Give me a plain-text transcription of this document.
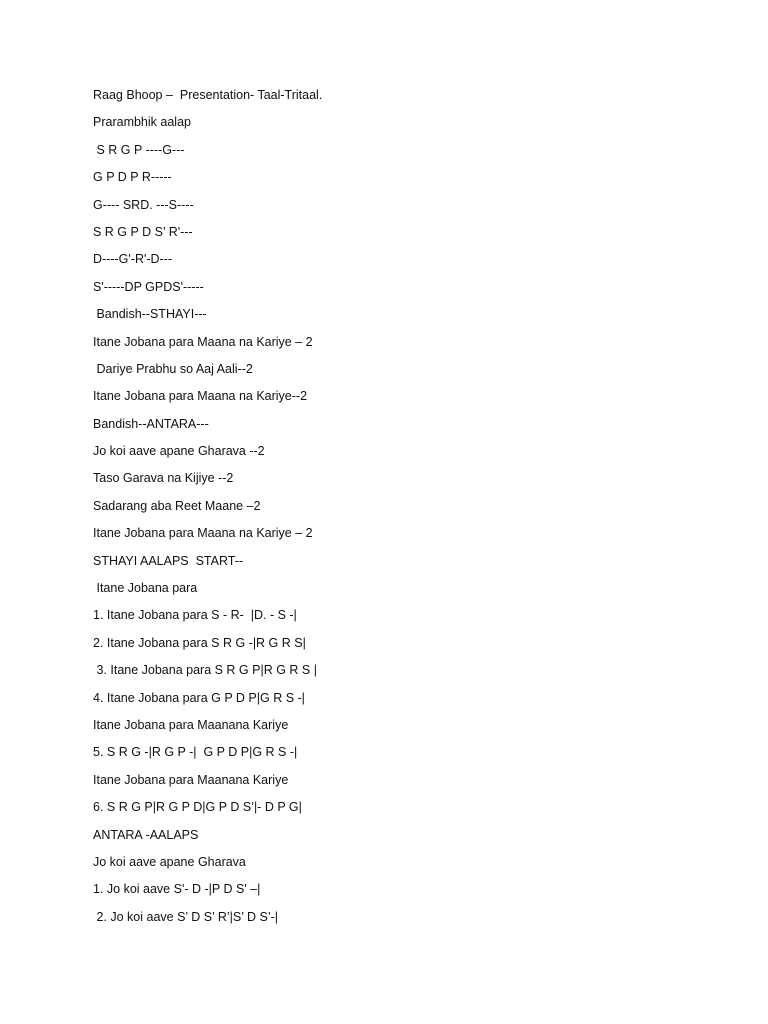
Raag Bhoop –  Presentation- Taal-Tritaal.
Prarambhik aalap
S R G P ----G---
G P D P R-----
G---- SRD. ---S----
S R G P D S’ R'---
D----G'-R'-D---
S'-----DP GPDS'-----
Bandish--STHAYI---
Itane Jobana para Maana na Kariye – 2
Dariye Prabhu so Aaj Aali--2
Itane Jobana para Maana na Kariye--2
Bandish--ANTARA---
Jo koi aave apane Gharava --2
Taso Garava na Kijiye --2
Sadarang aba Reet Maane –2
Itane Jobana para Maana na Kariye – 2
STHAYI AALAPS  START--
Itane Jobana para
1. Itane Jobana para S - R-  |D. - S -|
2. Itane Jobana para S R G -|R G R S|
3. Itane Jobana para S R G P|R G R S |
4. Itane Jobana para G P D P|G R S -|
Itane Jobana para Maanana Kariye
5. S R G -|R G P -|  G P D P|G R S -|
Itane Jobana para Maanana Kariye
6. S R G P|R G P D|G P D S’|- D P G|
ANTARA -AALAPS
Jo koi aave apane Gharava
1. Jo koi aave S'- D -|P D S' –|
2. Jo koi aave S’ D S’ R’|S’ D S’-|
